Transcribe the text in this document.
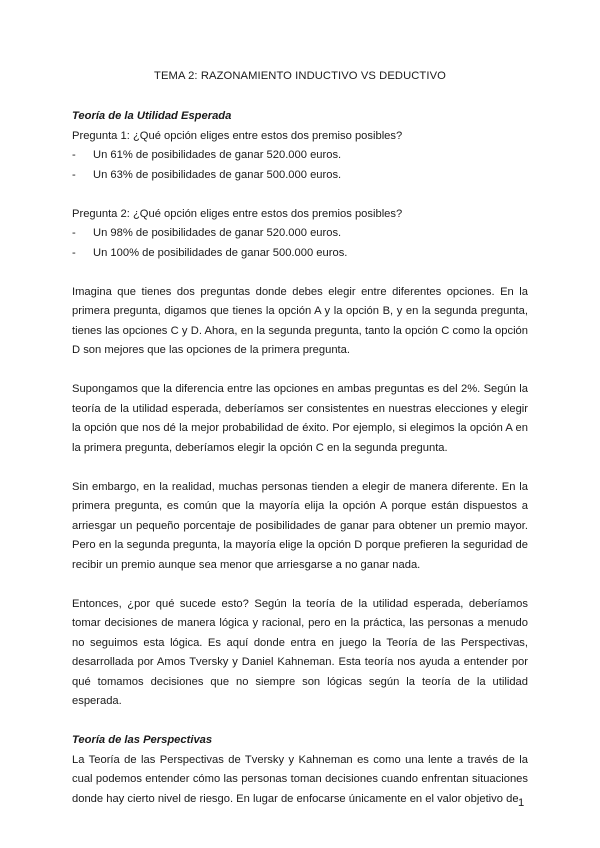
TEMA 2: RAZONAMIENTO INDUCTIVO VS DEDUCTIVO

Teoría de la Utilidad Esperada

Pregunta 1: ¿Qué opción eliges entre estos dos premiso posibles?

- Un 61% de posibilidades de ganar 520.000 euros.
- Un 63% de posibilidades de ganar 500.000 euros.

Pregunta 2: ¿Qué opción eliges entre estos dos premios posibles?

- Un 98% de posibilidades de ganar 520.000 euros.
- Un 100% de posibilidades de ganar 500.000 euros.

Imagina que tienes dos preguntas donde debes elegir entre diferentes opciones. En la primera pregunta, digamos que tienes la opción A y la opción B, y en la segunda pregunta, tienes las opciones C y D. Ahora, en la segunda pregunta, tanto la opción C como la opción D son mejores que las opciones de la primera pregunta.

Supongamos que la diferencia entre las opciones en ambas preguntas es del 2%. Según la teoría de la utilidad esperada, deberíamos ser consistentes en nuestras elecciones y elegir la opción que nos dé la mejor probabilidad de éxito. Por ejemplo, si elegimos la opción A en la primera pregunta, deberíamos elegir la opción C en la segunda pregunta.

Sin embargo, en la realidad, muchas personas tienden a elegir de manera diferente. En la primera pregunta, es común que la mayoría elija la opción A porque están dispuestos a arriesgar un pequeño porcentaje de posibilidades de ganar para obtener un premio mayor. Pero en la segunda pregunta, la mayoría elige la opción D porque prefieren la seguridad de recibir un premio aunque sea menor que arriesgarse a no ganar nada.

Entonces, ¿por qué sucede esto? Según la teoría de la utilidad esperada, deberíamos tomar decisiones de manera lógica y racional, pero en la práctica, las personas a menudo no seguimos esta lógica. Es aquí donde entra en juego la Teoría de las Perspectivas, desarrollada por Amos Tversky y Daniel Kahneman. Esta teoría nos ayuda a entender por qué tomamos decisiones que no siempre son lógicas según la teoría de la utilidad esperada.

Teoría de las Perspectivas

La Teoría de las Perspectivas de Tversky y Kahneman es como una lente a través de la cual podemos entender cómo las personas toman decisiones cuando enfrentan situaciones donde hay cierto nivel de riesgo. En lugar de enfocarse únicamente en el valor objetivo de 1
